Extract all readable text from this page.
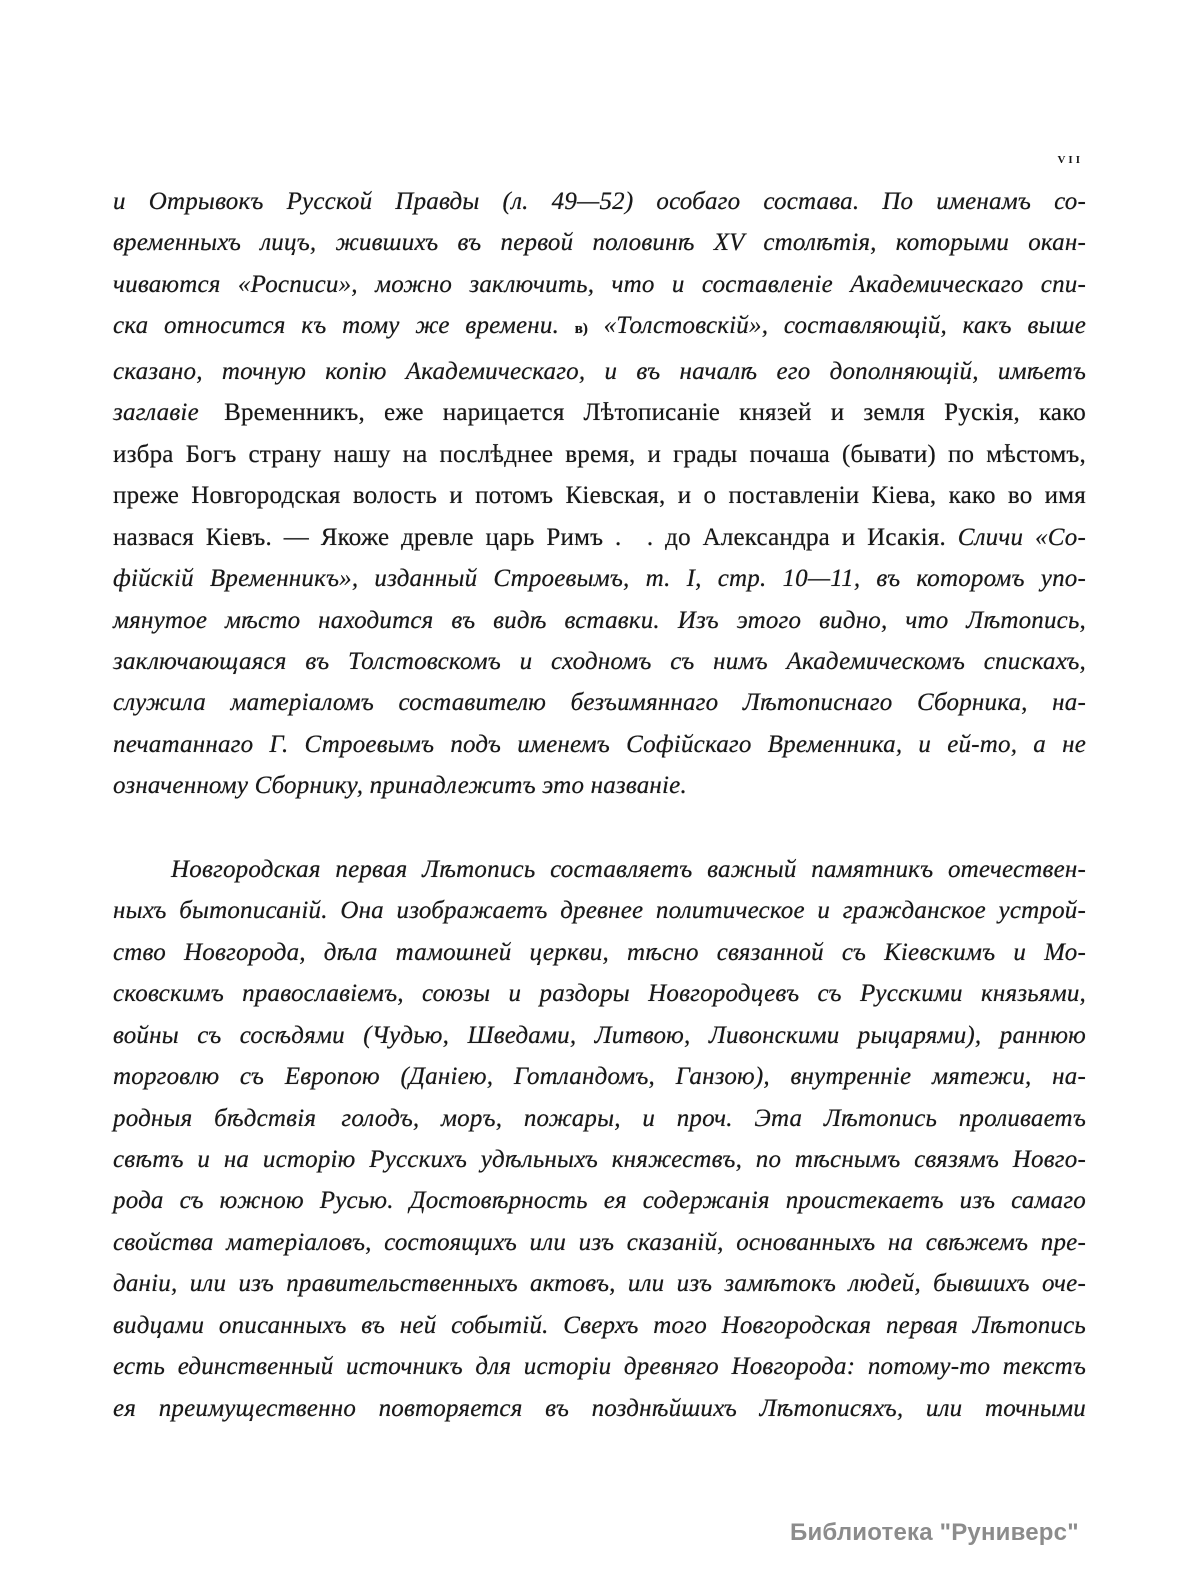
vii
и Отрывокъ Русской Правды (л. 49—52) особаго состава. По именамъ со-
временныхъ лицъ, жившихъ въ первой половинѣ XV столѣтія, которыми окан-
чиваются «Росписи», можно заключить, что и составленіе Академическаго спи-
ска относится къ тому же времени. в) «Толстовскій», составляющій, какъ выше
сказано, точную копію Академическаго, и въ началѣ его дополняющій, имѣетъ
заглавіе Временникъ, еже нарицается Лѣтописаніе князей и земля Рускія, како
избра Богъ страну нашу на послѣднее время, и грады почаша (бывати) по мѣстомъ,
преже Новгородская волость и потомъ Кіевская, и о поставленіи Кіева, како во имя
назвася Кіевъ. — Якоже древле царь Римъ .  . до Александра и Исакія. Сличи «Со-
фійскій Временникъ», изданный Строевымъ, т. I, стр. 10—11, въ которомъ упо-
мянутое мѣсто находится въ видѣ вставки. Изъ этого видно, что Лѣтопись,
заключающаяся въ Толстовскомъ и сходномъ съ нимъ Академическомъ спискахъ,
служила матеріаломъ составителю безъимяннаго Лѣтописнаго Сборника, на-
печатаннаго Г. Строевымъ подъ именемъ Софійскаго Временника, и ей-то, а не
означенному Сборнику, принадлежитъ это названіе.
Новгородская первая Лѣтопись составляетъ важный памятникъ отечествен-
ныхъ бытописаній. Она изображаетъ древнее политическое и гражданское устрой-
ство Новгорода, дѣла тамошней церкви, тѣсно связанной съ Кіевскимъ и Мо-
сковскимъ православіемъ, союзы и раздоры Новгородцевъ съ Русскими князьями,
войны съ сосѣдями (Чудью, Шведами, Литвою, Ливонскими рыцарями), раннюю
торговлю съ Европою (Даніею, Готландомъ, Ганзою), внутренніе мятежи, на-
родныя бѣдствія голодъ, моръ, пожары, и проч. Эта Лѣтопись проливаетъ
свѣтъ и на исторію Русскихъ удѣльныхъ княжествъ, по тѣснымъ связямъ Новго-
рода съ южною Русью. Достовѣрность ея содержанія проистекаетъ изъ самаго
свойства матеріаловъ, состоящихъ или изъ сказаній, основанныхъ на свѣжемъ пре-
даніи, или изъ правительственныхъ актовъ, или изъ замѣтокъ людей, бывшихъ оче-
видцами описанныхъ въ ней событій. Сверхъ того Новгородская первая Лѣтопись
есть единственный источникъ для исторіи древняго Новгорода: потому-то текстъ
ея преимущественно повторяется въ позднѣйшихъ Лѣтописяхъ, или точными
Библиотека "Руниверс"
